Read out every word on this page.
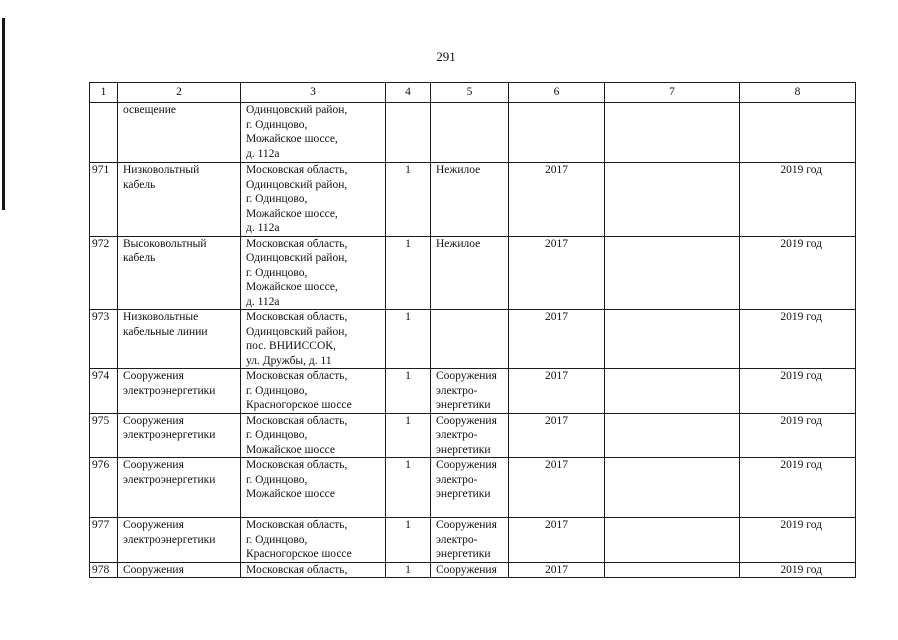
291
1	2	3	4	5	6	7	8

	освещение	Одинцовский район,
г. Одинцово,
Можайское шоссе,
д. 112а					

971	Низковольтный
кабель	Московская область,
Одинцовский район,
г. Одинцово,
Можайское шоссе,
д. 112а	1	Нежилое	2017		2019 год
972	Высоковольтный
кабель	Московская область,
Одинцовский район,
г. Одинцово,
Можайское шоссе,
д. 112а	1	Нежилое	2017		2019 год
973	Низковольтные
кабельные линии	Московская область,
Одинцовский район,
пос. ВНИИССОК,
ул. Дружбы, д. 11	1		2017		2019 год
974	Сооружения
электроэнергетики	Московская область,
г. Одинцово,
Красногорское шоссе	1	Сооружения
электро-
энергетики	2017		2019 год
975	Сооружения
электроэнергетики	Московская область,
г. Одинцово,
Можайское шоссе	1	Сооружения
электро-
энергетики	2017		2019 год
976	Сооружения
электроэнергетики	Московская область,
г. Одинцово,
Можайское шоссе	1	Сооружения
электро-
энергетики	2017		2019 год
977	Сооружения
электроэнергетики	Московская область,
г. Одинцово,
Красногорское шоссе	1	Сооружения
электро-
энергетики	2017		2019 год
978	Сооружения	Московская область,	1	Сооружения	2017		2019 год
